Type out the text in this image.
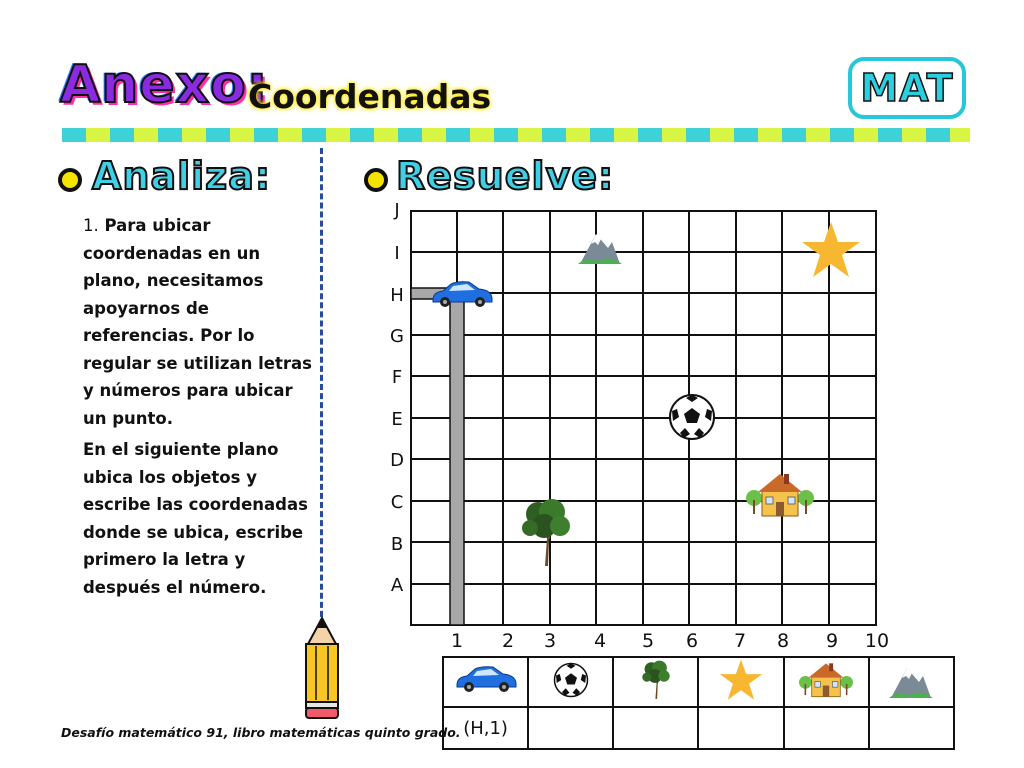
Anexo:
Coordenadas	MAT
Analiza:	Resuelve:

1. Para ubicar coordenadas en un plano, necesitamos apoyarnos de referencias. Por lo regular se utilizan letras y números para ubicar un punto.

En el siguiente plano ubica los objetos y escribe las coordenadas donde se ubica, escribe primero la letra y después el número.

J
I
H
G
F
E
D
C
B
A
1	2	3	4	5	6	7	8	9	10

(H,1)					
Desafío matemático 91, libro matemáticas quinto grado.
